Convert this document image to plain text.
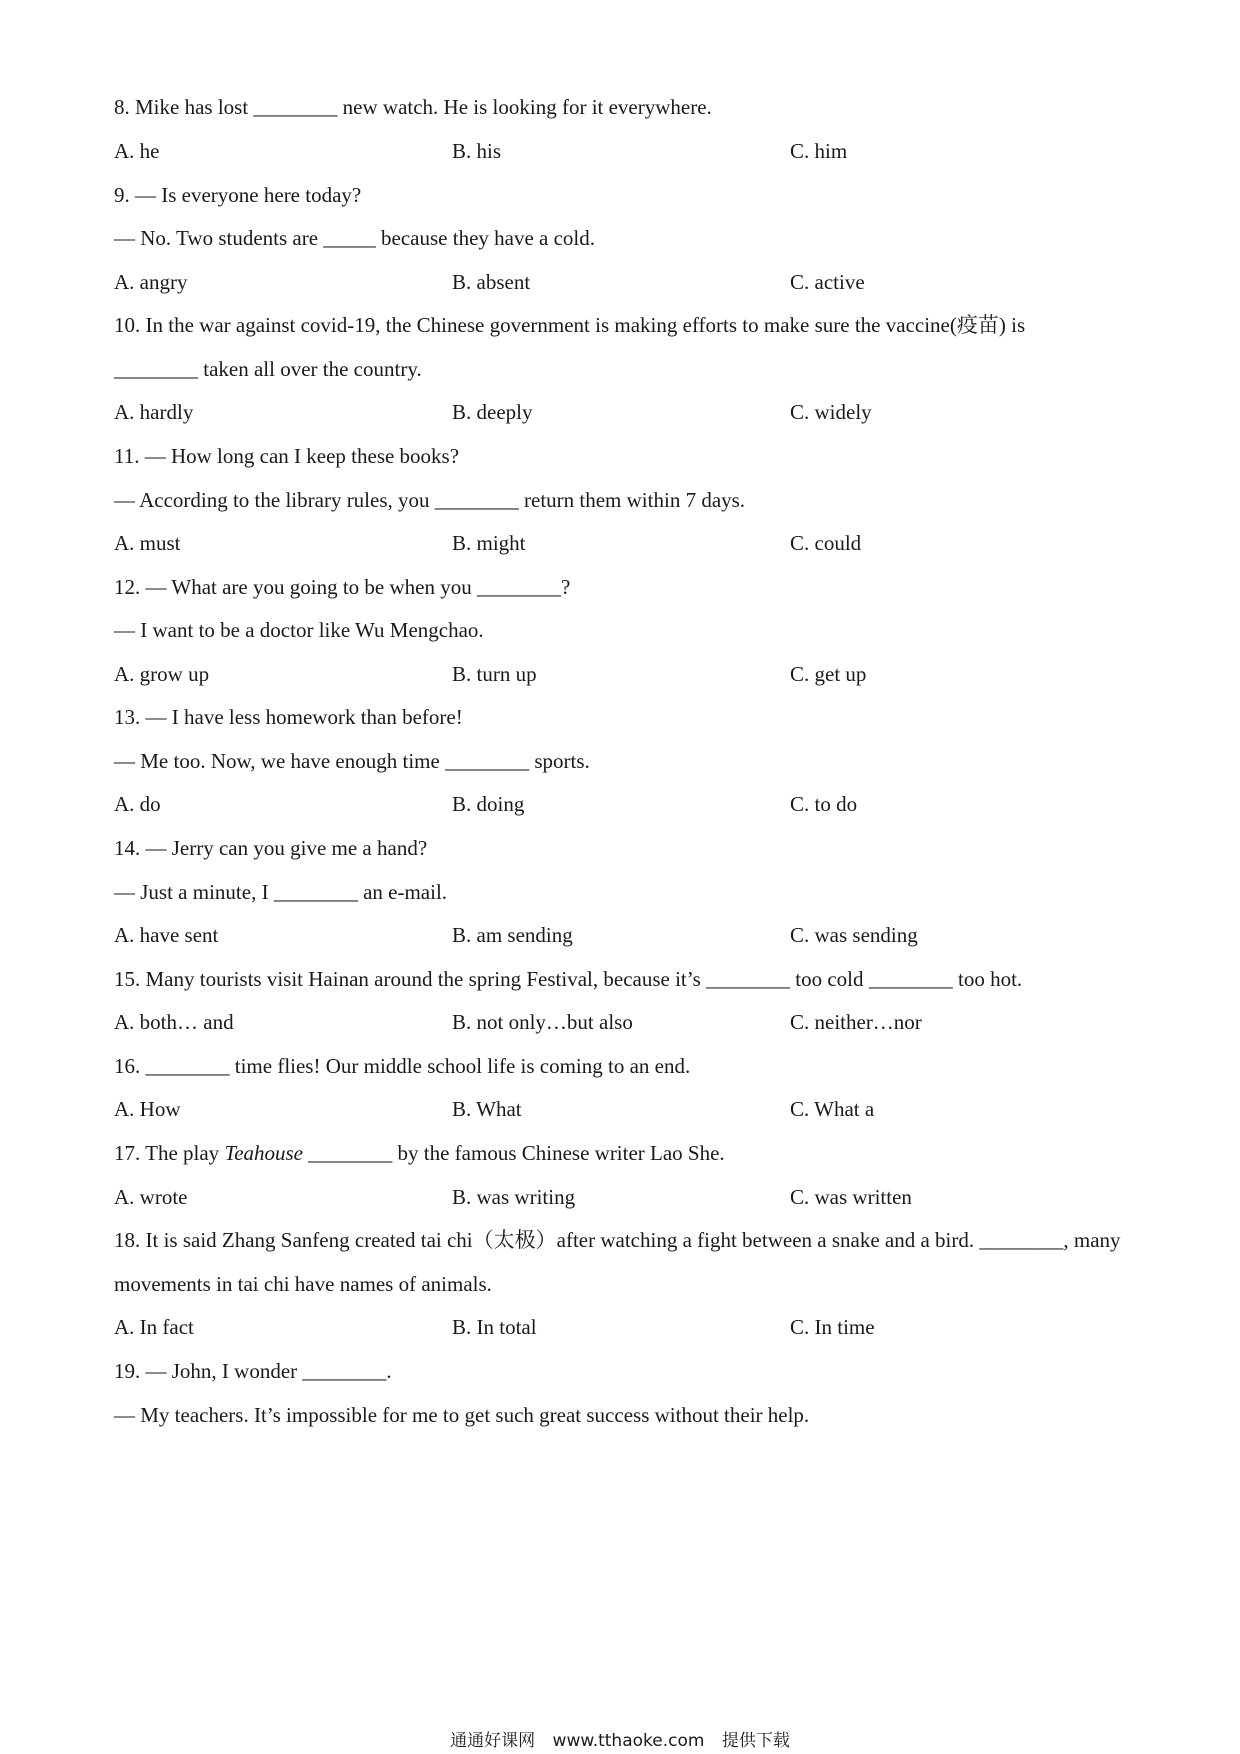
8. Mike has lost ________ new watch. He is looking for it everywhere.
A. he	B. his	C. him
9. — Is everyone here today?
— No. Two students are _____ because they have a cold.
A. angry	B. absent	C. active
10. In the war against covid-19, the Chinese government is making efforts to make sure the vaccine(疫苗) is
________ taken all over the country.
A. hardly	B. deeply	C. widely
11. — How long can I keep these books?
— According to the library rules, you ________ return them within 7 days.
A. must	B. might	C. could
12. — What are you going to be when you ________?
— I want to be a doctor like Wu Mengchao.
A. grow up	B. turn up	C. get up
13. — I have less homework than before!
— Me too. Now, we have enough time ________ sports.
A. do	B. doing	C. to do
14. — Jerry can you give me a hand?
— Just a minute, I ________ an e-mail.
A. have sent	B. am sending	C. was sending
15. Many tourists visit Hainan around the spring Festival, because it’s ________ too cold ________ too hot.
A. both… and	B. not only…but also	C. neither…nor
16. ________ time flies! Our middle school life is coming to an end.
A. How	B. What	C. What a
17. The play Teahouse ________ by the famous Chinese writer Lao She.
A. wrote	B. was writing	C. was written
18. It is said Zhang Sanfeng created tai chi（太极）after watching a fight between a snake and a bird. ________, many
movements in tai chi have names of animals.
A. In fact	B. In total	C. In time
19. — John, I wonder ________.
— My teachers. It’s impossible for me to get such great success without their help.
通通好课网 www.tthaoke.com 提供下载
